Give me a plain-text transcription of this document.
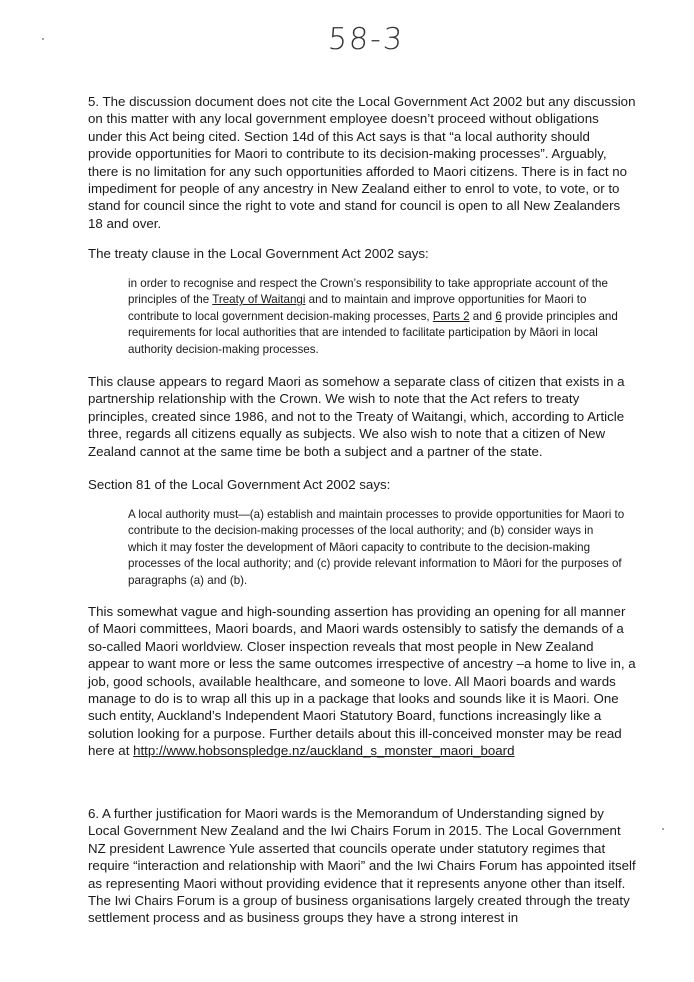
58-3

5. The discussion document does not cite the Local Government Act 2002 but any discussion on this matter with any local government employee doesn’t proceed without obligations under this Act being cited. Section 14d of this Act says is that “a local authority should provide opportunities for Maori to contribute to its decision-making processes”. Arguably, there is no limitation for any such opportunities afforded to Maori citizens. There is in fact no impediment for people of any ancestry in New Zealand either to enrol to vote, to vote, or to stand for council since the right to vote and stand for council is open to all New Zealanders 18 and over.

The treaty clause in the Local Government Act 2002 says:

in order to recognise and respect the Crown’s responsibility to take appropriate account of the principles of the Treaty of Waitangi and to maintain and improve opportunities for Maori to contribute to local government decision-making processes, Parts 2 and 6 provide principles and requirements for local authorities that are intended to facilitate participation by Māori in local authority decision-making processes.

This clause appears to regard Maori as somehow a separate class of citizen that exists in a partnership relationship with the Crown. We wish to note that the Act refers to treaty principles, created since 1986, and not to the Treaty of Waitangi, which, according to Article three, regards all citizens equally as subjects. We also wish to note that a citizen of New Zealand cannot at the same time be both a subject and a partner of the state.

Section 81 of the Local Government Act 2002 says:

A local authority must—(a) establish and maintain processes to provide opportunities for Maori to contribute to the decision-making processes of the local authority; and (b) consider ways in which it may foster the development of Māori capacity to contribute to the decision-making processes of the local authority; and (c) provide relevant information to Māori for the purposes of paragraphs (a) and (b).

This somewhat vague and high-sounding assertion has providing an opening for all manner of Maori committees, Maori boards, and Maori wards ostensibly to satisfy the demands of a so-called Maori worldview. Closer inspection reveals that most people in New Zealand appear to want more or less the same outcomes irrespective of ancestry –a home to live in, a job, good schools, available healthcare, and someone to love. All Maori boards and wards manage to do is to wrap all this up in a package that looks and sounds like it is Maori. One such entity, Auckland’s Independent Maori Statutory Board, functions increasingly like a solution looking for a purpose. Further details about this ill-conceived monster may be read here at http://www.hobsonspledge.nz/auckland_s_monster_maori_board

6. A further justification for Maori wards is the Memorandum of Understanding signed by Local Government New Zealand and the Iwi Chairs Forum in 2015. The Local Government NZ president Lawrence Yule asserted that councils operate under statutory regimes that require “interaction and relationship with Maori” and the Iwi Chairs Forum has appointed itself as representing Maori without providing evidence that it represents anyone other than itself. The Iwi Chairs Forum is a group of business organisations largely created through the treaty settlement process and as business groups they have a strong interest in
